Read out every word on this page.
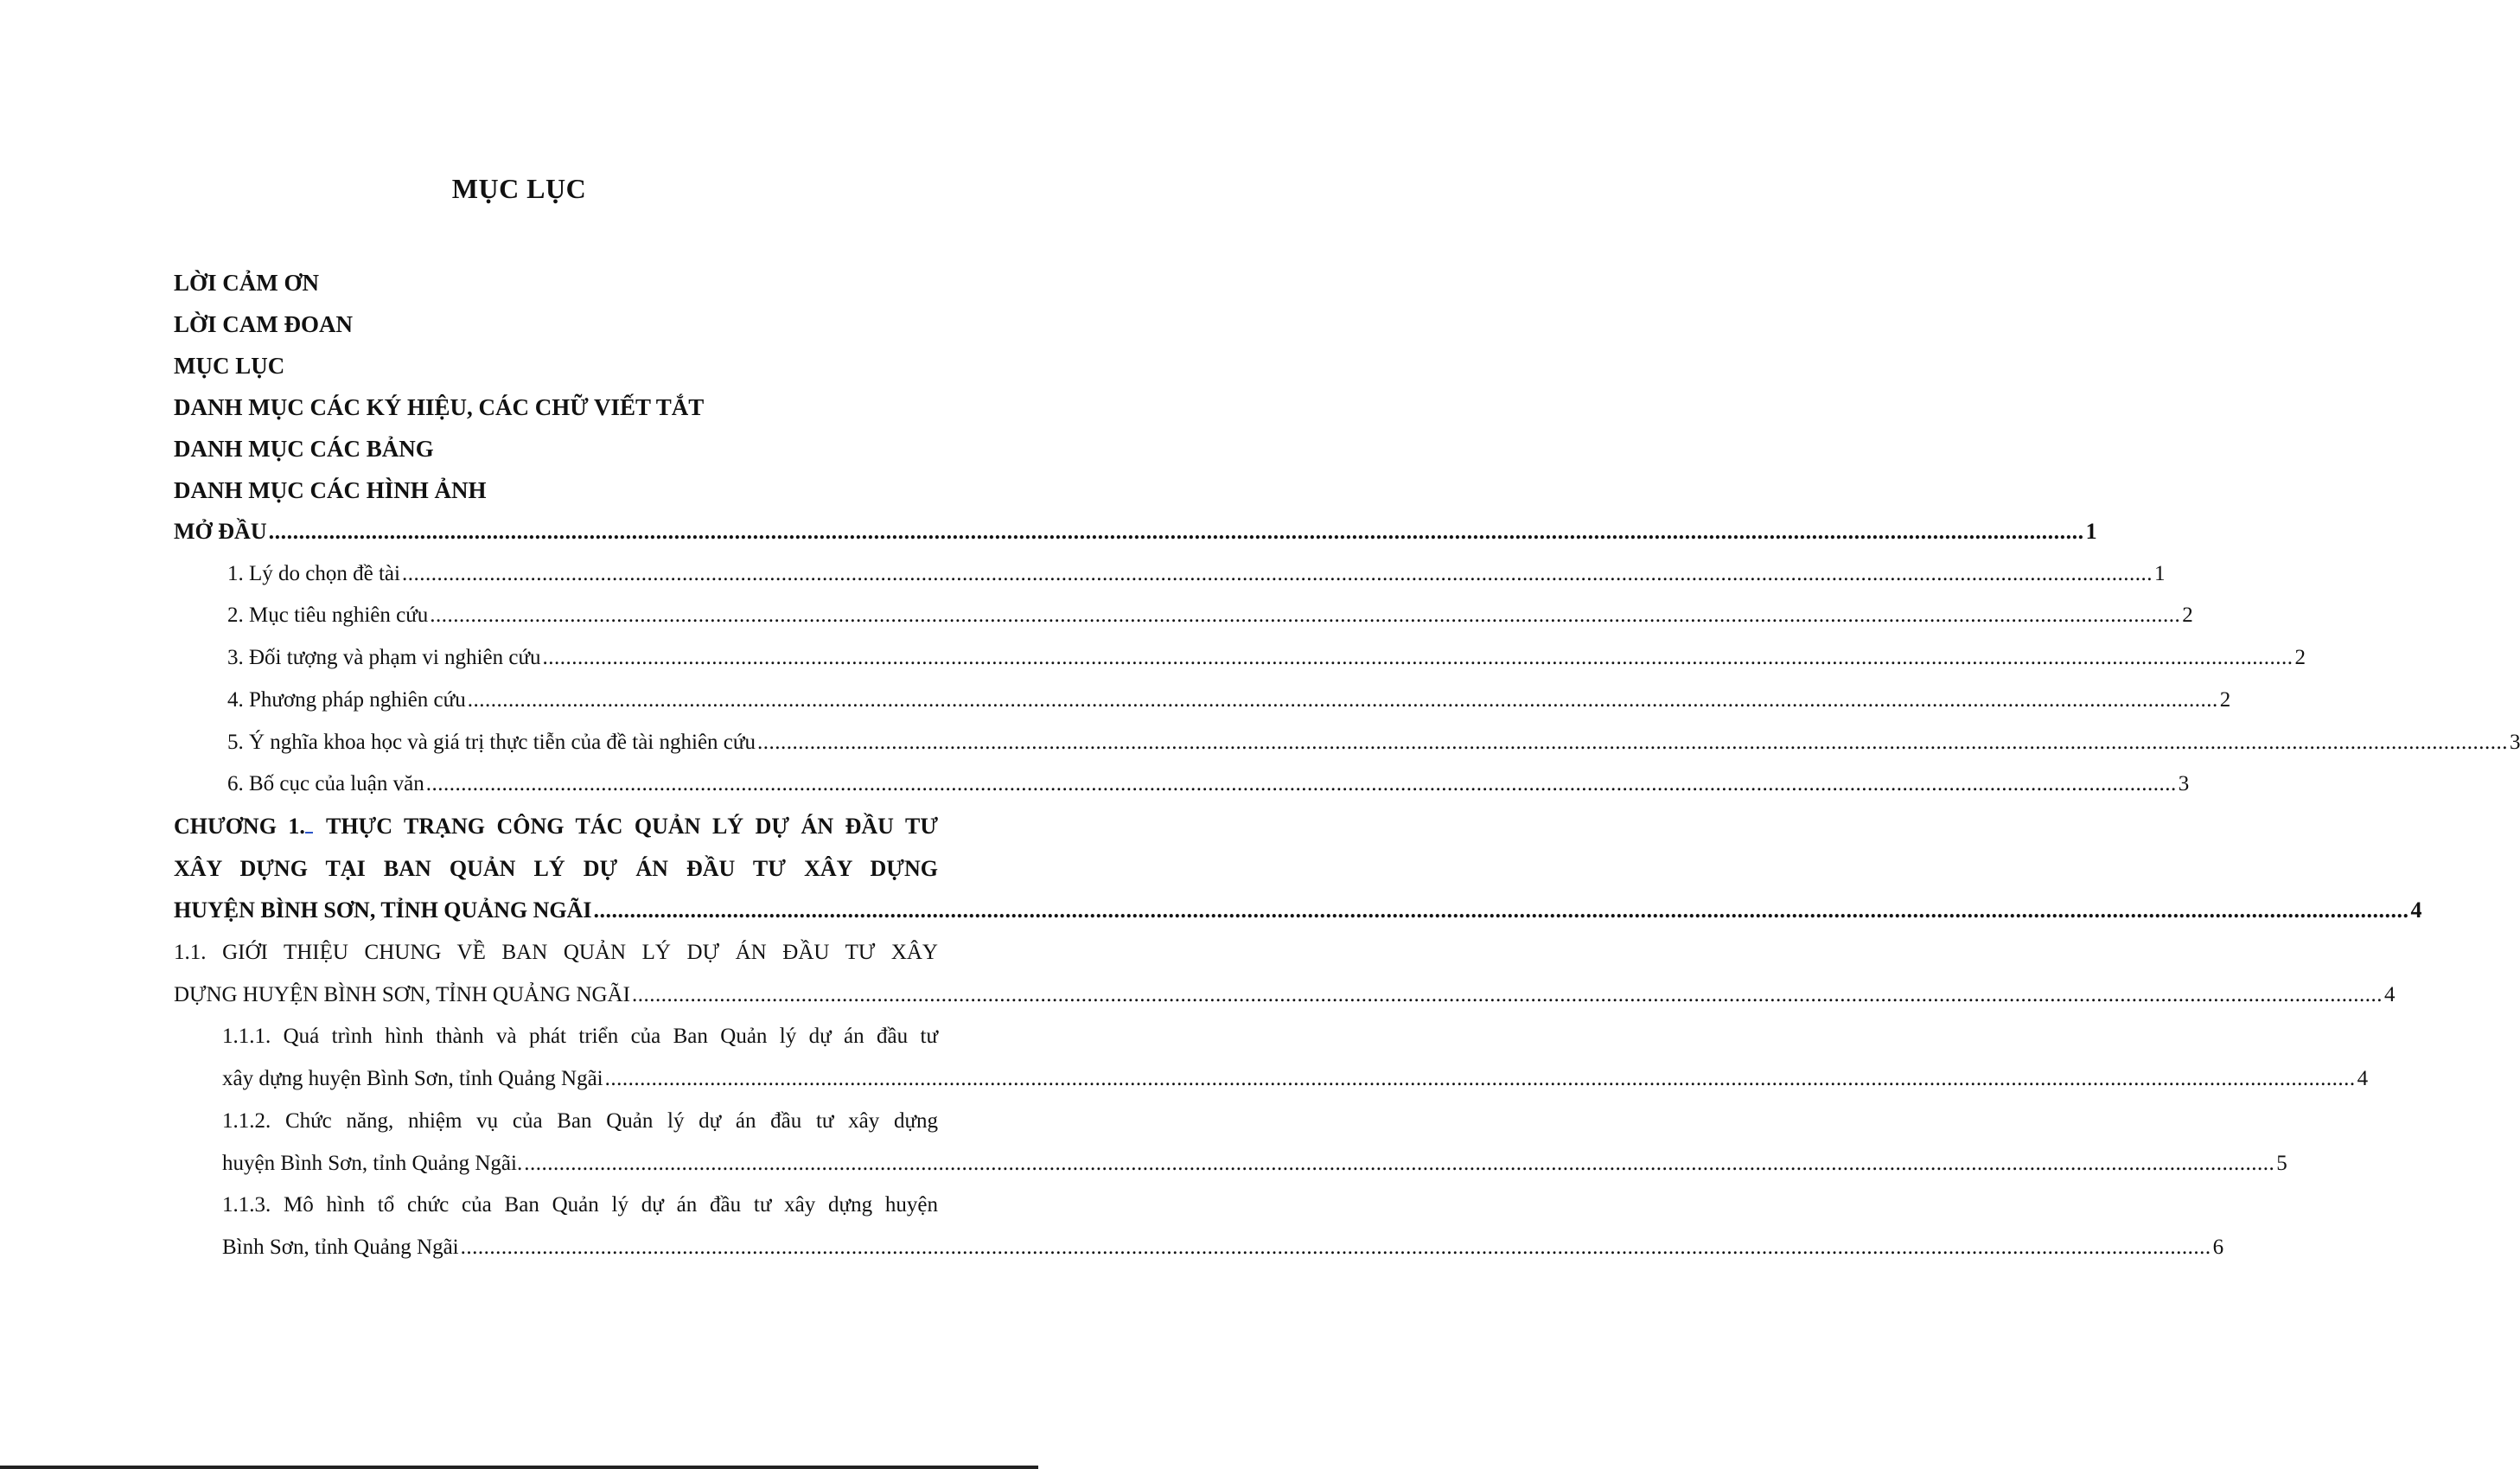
MỤC LỤC
LỜI CẢM ƠN
LỜI CAM ĐOAN
MỤC LỤC
DANH MỤC CÁC KÝ HIỆU, CÁC CHỮ VIẾT TẮT
DANH MỤC CÁC BẢNG
DANH MỤC CÁC HÌNH ẢNH
MỞ ĐẦU ............................................................................................................................................................................................................................................................................................................ 1
1. Lý do chọn đề tài ............................................................................................................................................................................................................................................................................................................ 1
2. Mục tiêu nghiên cứu ............................................................................................................................................................................................................................................................................................................ 2
3. Đối tượng và phạm vi nghiên cứu ............................................................................................................................................................................................................................................................................................................ 2
4. Phương pháp nghiên cứu ............................................................................................................................................................................................................................................................................................................ 2
5. Ý nghĩa khoa học và giá trị thực tiễn của đề tài nghiên cứu ............................................................................................................................................................................................................................................................................................................ 3
6. Bố cục của luận văn ............................................................................................................................................................................................................................................................................................................ 3
CHƯƠNG 1. THỰC TRẠNG CÔNG TÁC QUẢN LÝ DỰ ÁN ĐẦU TƯ
XÂY DỰNG TẠI BAN QUẢN LÝ DỰ ÁN ĐẦU TƯ XÂY DỰNG
HUYỆN BÌNH SƠN, TỈNH QUẢNG NGÃI ............................................................................................................................................................................................................................................................................................................ 4
1.1. GIỚI THIỆU CHUNG VỀ BAN QUẢN LÝ DỰ ÁN ĐẦU TƯ XÂY
DỰNG HUYỆN BÌNH SƠN, TỈNH QUẢNG NGÃI ............................................................................................................................................................................................................................................................................................................ 4
1.1.1. Quá trình hình thành và phát triển của Ban Quản lý dự án đầu tư
xây dựng huyện Bình Sơn, tỉnh Quảng Ngãi ............................................................................................................................................................................................................................................................................................................ 4
1.1.2. Chức năng, nhiệm vụ của Ban Quản lý dự án đầu tư xây dựng
huyện Bình Sơn, tỉnh Quảng Ngãi. ............................................................................................................................................................................................................................................................................................................ 5
1.1.3. Mô hình tổ chức của Ban Quản lý dự án đầu tư xây dựng huyện
Bình Sơn, tỉnh Quảng Ngãi ............................................................................................................................................................................................................................................................................................................ 6
